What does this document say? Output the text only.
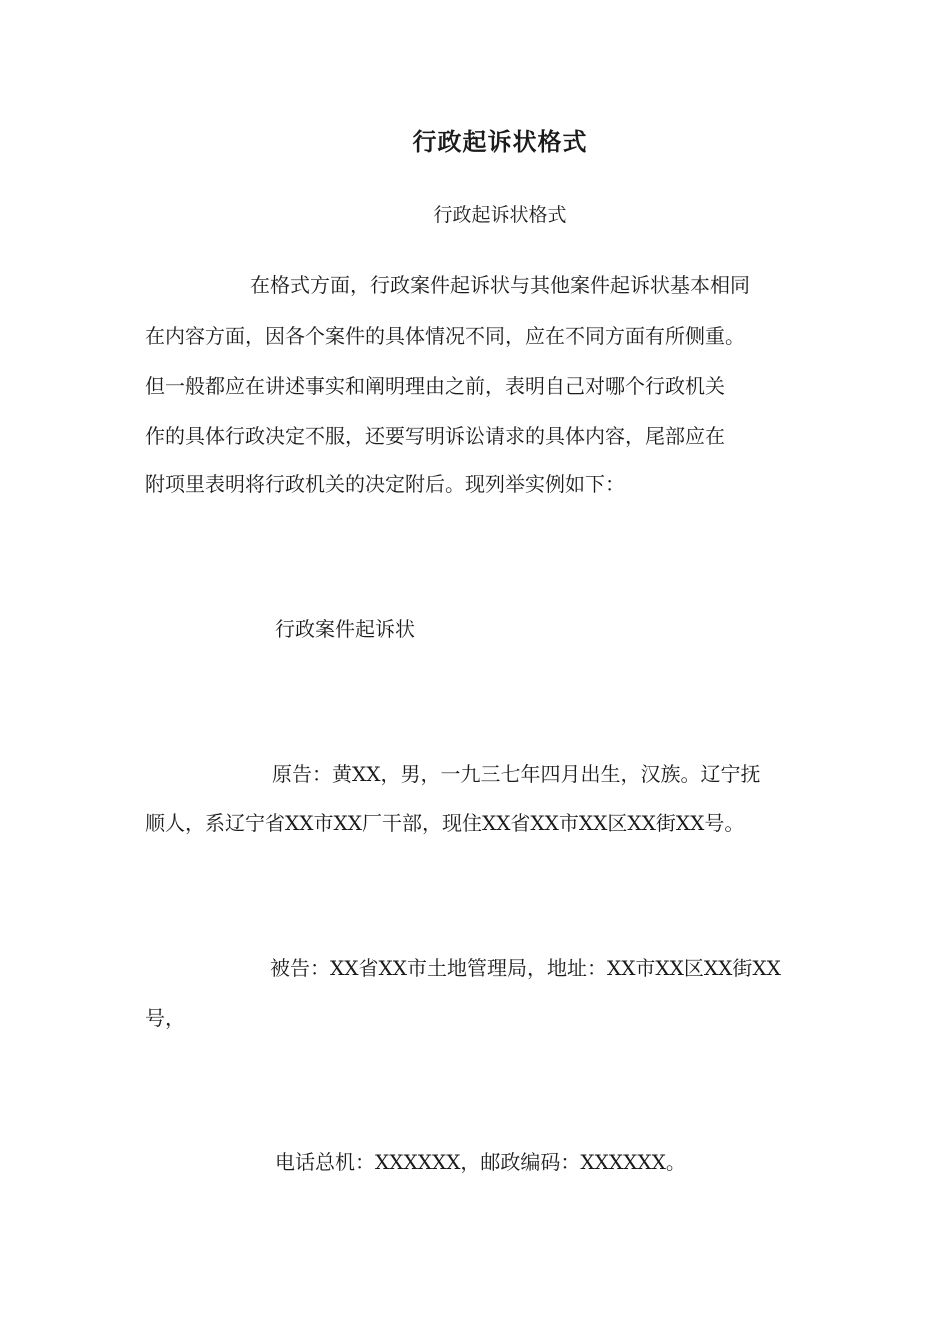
行政起诉状格式
行政起诉状格式
在格式方面，行政案件起诉状与其他案件起诉状基本相同
在内容方面，因各个案件的具体情况不同，应在不同方面有所侧重。
但一般都应在讲述事实和阐明理由之前，表明自己对哪个行政机关
作的具体行政决定不服，还要写明诉讼请求的具体内容，尾部应在
附项里表明将行政机关的决定附后。现列举实例如下：
行政案件起诉状
原告：黄XX，男，一九三七年四月出生，汉族。辽宁抚
顺人，系辽宁省XX市XX厂干部，现住XX省XX市XX区XX街XX号。
被告：XX省XX市土地管理局，地址：XX市XX区XX街XX
号，
电话总机：XXXXXX，邮政编码：XXXXXX。
